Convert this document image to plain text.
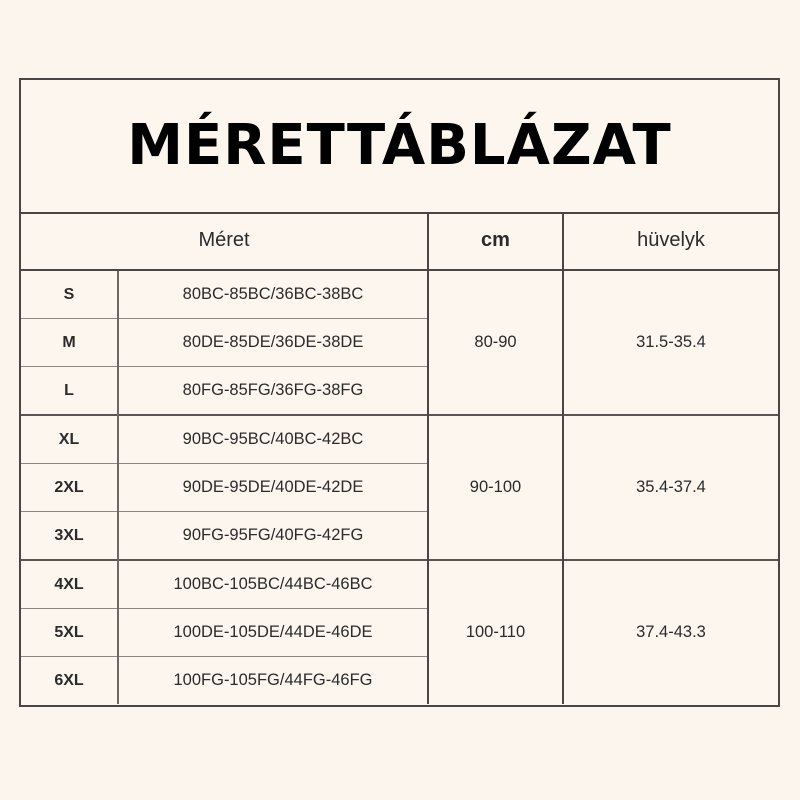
MÉRETTÁBLÁZAT
Méret		cm	hüvelyk
S	80BC-85BC/36BC-38BC	80-90	31.5-35.4
M	80DE-85DE/36DE-38DE		
L	80FG-85FG/36FG-38FG		
XL	90BC-95BC/40BC-42BC	90-100	35.4-37.4
2XL	90DE-95DE/40DE-42DE		
3XL	90FG-95FG/40FG-42FG		
4XL	100BC-105BC/44BC-46BC	100-110	37.4-43.3
5XL	100DE-105DE/44DE-46DE		
6XL	100FG-105FG/44FG-46FG		
